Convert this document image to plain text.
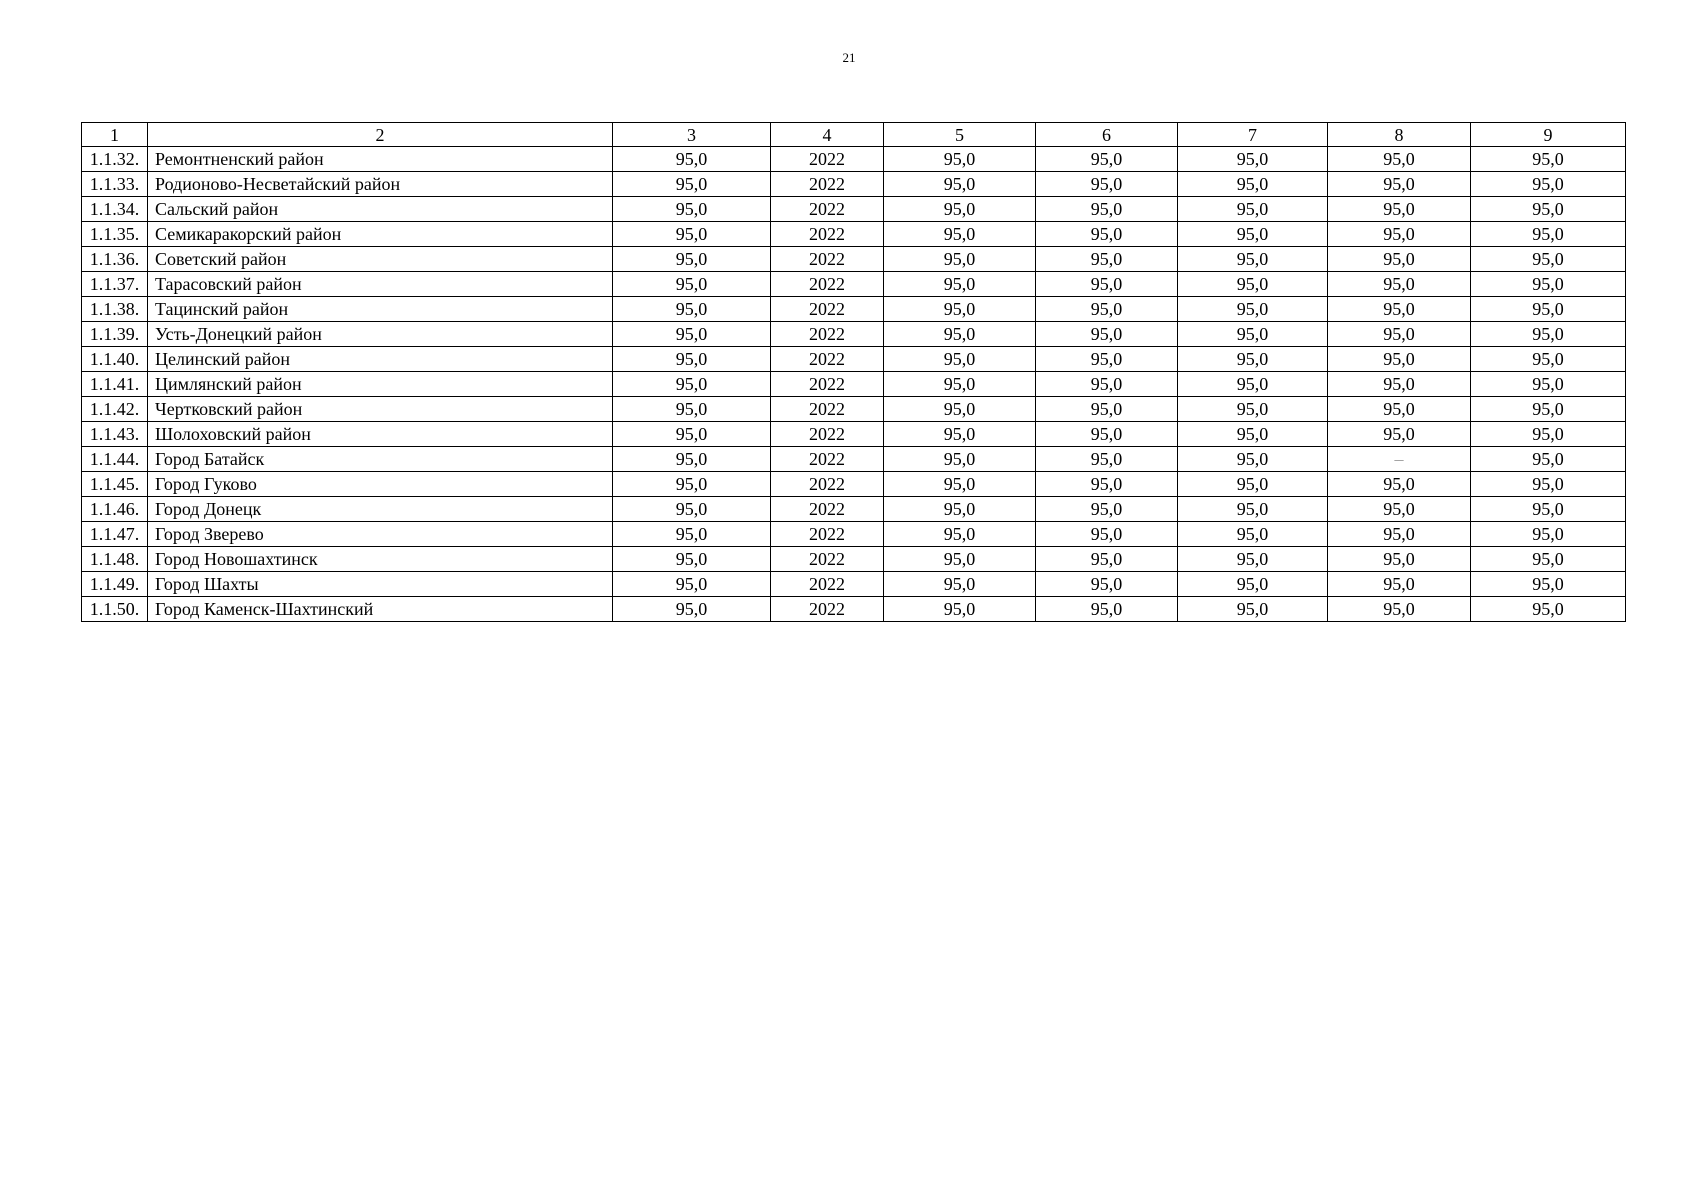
21
1	2	3	4	5	6	7	8	9
1.1.32.	Ремонтненский район	95,0	2022	95,0	95,0	95,0	95,0	95,0
1.1.33.	Родионово-Несветайский район	95,0	2022	95,0	95,0	95,0	95,0	95,0
1.1.34.	Сальский район	95,0	2022	95,0	95,0	95,0	95,0	95,0
1.1.35.	Семикаракорский район	95,0	2022	95,0	95,0	95,0	95,0	95,0
1.1.36.	Советский район	95,0	2022	95,0	95,0	95,0	95,0	95,0
1.1.37.	Тарасовский район	95,0	2022	95,0	95,0	95,0	95,0	95,0
1.1.38.	Тацинский район	95,0	2022	95,0	95,0	95,0	95,0	95,0
1.1.39.	Усть-Донецкий район	95,0	2022	95,0	95,0	95,0	95,0	95,0
1.1.40.	Целинский район	95,0	2022	95,0	95,0	95,0	95,0	95,0
1.1.41.	Цимлянский район	95,0	2022	95,0	95,0	95,0	95,0	95,0
1.1.42.	Чертковский район	95,0	2022	95,0	95,0	95,0	95,0	95,0
1.1.43.	Шолоховский район	95,0	2022	95,0	95,0	95,0	95,0	95,0
1.1.44.	Город Батайск	95,0	2022	95,0	95,0	95,0	–	95,0
1.1.45.	Город Гуково	95,0	2022	95,0	95,0	95,0	95,0	95,0
1.1.46.	Город Донецк	95,0	2022	95,0	95,0	95,0	95,0	95,0
1.1.47.	Город Зверево	95,0	2022	95,0	95,0	95,0	95,0	95,0
1.1.48.	Город Новошахтинск	95,0	2022	95,0	95,0	95,0	95,0	95,0
1.1.49.	Город Шахты	95,0	2022	95,0	95,0	95,0	95,0	95,0
1.1.50.	Город Каменск-Шахтинский	95,0	2022	95,0	95,0	95,0	95,0	95,0
